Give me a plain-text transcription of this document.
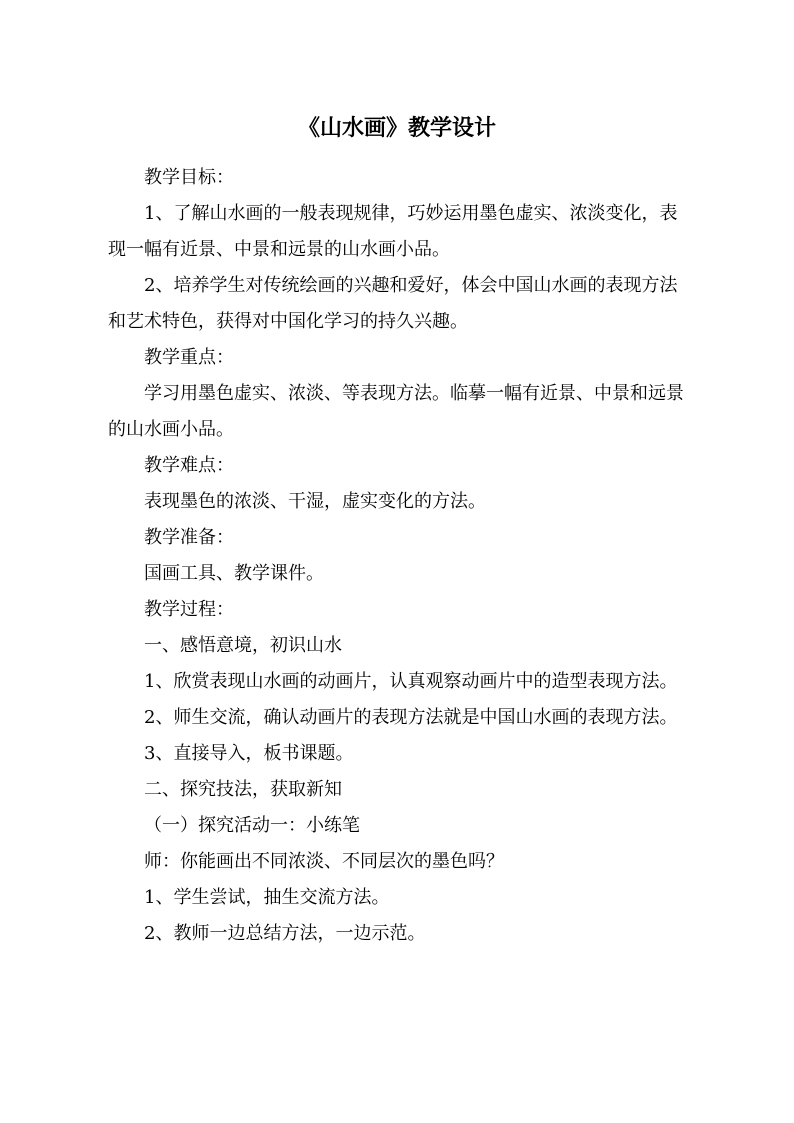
《山水画》教学设计

教学目标：

1、了解山水画的一般表现规律，巧妙运用墨色虚实、浓淡变化，表现一幅有近景、中景和远景的山水画小品。

2、培养学生对传统绘画的兴趣和爱好，体会中国山水画的表现方法和艺术特色，获得对中国化学习的持久兴趣。

教学重点：

学习用墨色虚实、浓淡、等表现方法。临摹一幅有近景、中景和远景的山水画小品。

教学难点：

表现墨色的浓淡、干湿，虚实变化的方法。

教学准备：

国画工具、教学课件。

教学过程：

一、感悟意境，初识山水

1、欣赏表现山水画的动画片，认真观察动画片中的造型表现方法。

2、师生交流，确认动画片的表现方法就是中国山水画的表现方法。

3、直接导入，板书课题。

二、探究技法，获取新知

（一）探究活动一：小练笔

师：你能画出不同浓淡、不同层次的墨色吗？

1、学生尝试，抽生交流方法。

2、教师一边总结方法，一边示范。
